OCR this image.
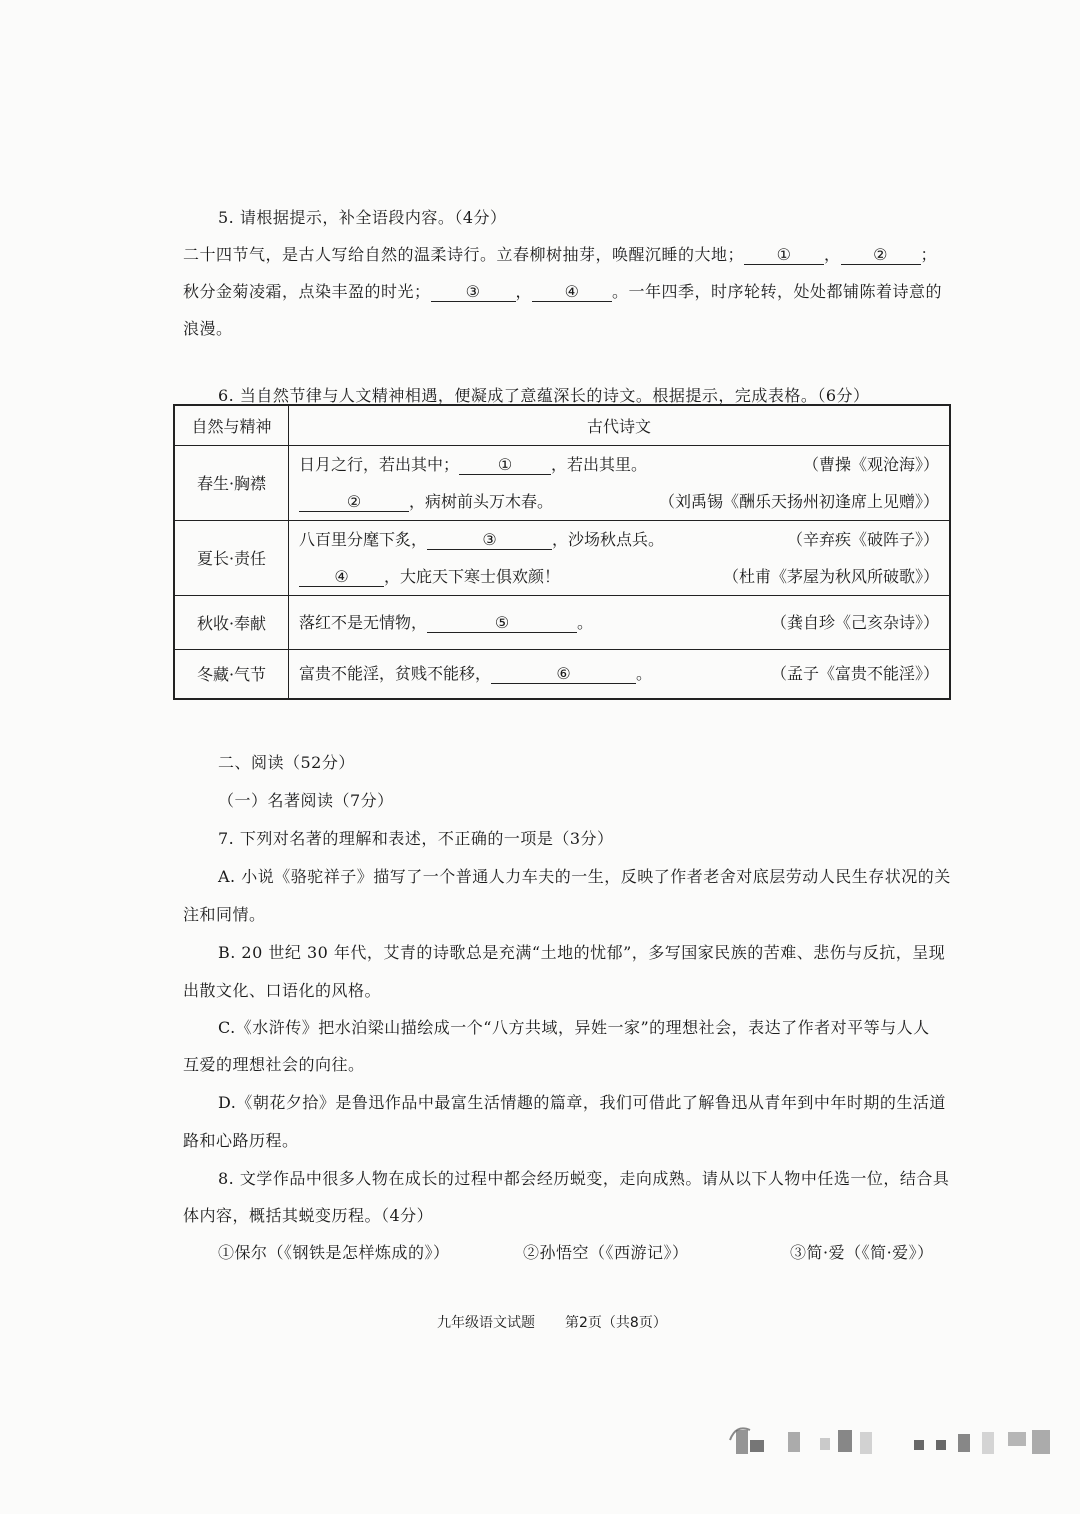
5. 请根据提示，补全语段内容。（4分）
二十四节气，是古人写给自然的温柔诗行。立春柳树抽芽，唤醒沉睡的大地； ① ， ② ；
秋分金菊凌霜，点染丰盈的时光； ③ ， ④ 。一年四季，时序轮转，处处都铺陈着诗意的
浪漫。
6. 当自然节律与人文精神相遇，便凝成了意蕴深长的诗文。根据提示，完成表格。（6分）
自然与精神	古代诗文
春生·胸襟	日月之行，若出其中； ① ，若出其里。 （曹操《观沧海》）
② ，病树前头万木春。 （刘禹锡《酬乐天扬州初逢席上见赠》）

夏长·责任	八百里分麾下炙， ③ ，沙场秋点兵。 （辛弃疾《破阵子》）
④ ，大庇天下寒士俱欢颜！ （杜甫《茅屋为秋风所破歌》）

秋收·奉献	落红不是无情物， ⑤ 。 （龚自珍《己亥杂诗》）

冬藏·气节	富贵不能淫，贫贱不能移， ⑥ 。 （孟子《富贵不能淫》）
二、阅读（52分）
（一）名著阅读（7分）
7. 下列对名著的理解和表述，不正确的一项是（3分）
A. 小说《骆驼祥子》描写了一个普通人力车夫的一生，反映了作者老舍对底层劳动人民生存状况的关
注和同情。
B. 20 世纪 30 年代，艾青的诗歌总是充满“土地的忧郁”，多写国家民族的苦难、悲伤与反抗，呈现
出散文化、口语化的风格。
C.《水浒传》把水泊梁山描绘成一个“八方共域，异姓一家”的理想社会，表达了作者对平等与人人
互爱的理想社会的向往。
D.《朝花夕拾》是鲁迅作品中最富生活情趣的篇章，我们可借此了解鲁迅从青年到中年时期的生活道
路和心路历程。
8. 文学作品中很多人物在成长的过程中都会经历蜕变，走向成熟。请从以下人物中任选一位，结合具
体内容，概括其蜕变历程。（4分）
①保尔（《钢铁是怎样炼成的》）	②孙悟空（《西游记》）	③简·爱（《简·爱》）
九年级语文试题 第2页（共8页）
